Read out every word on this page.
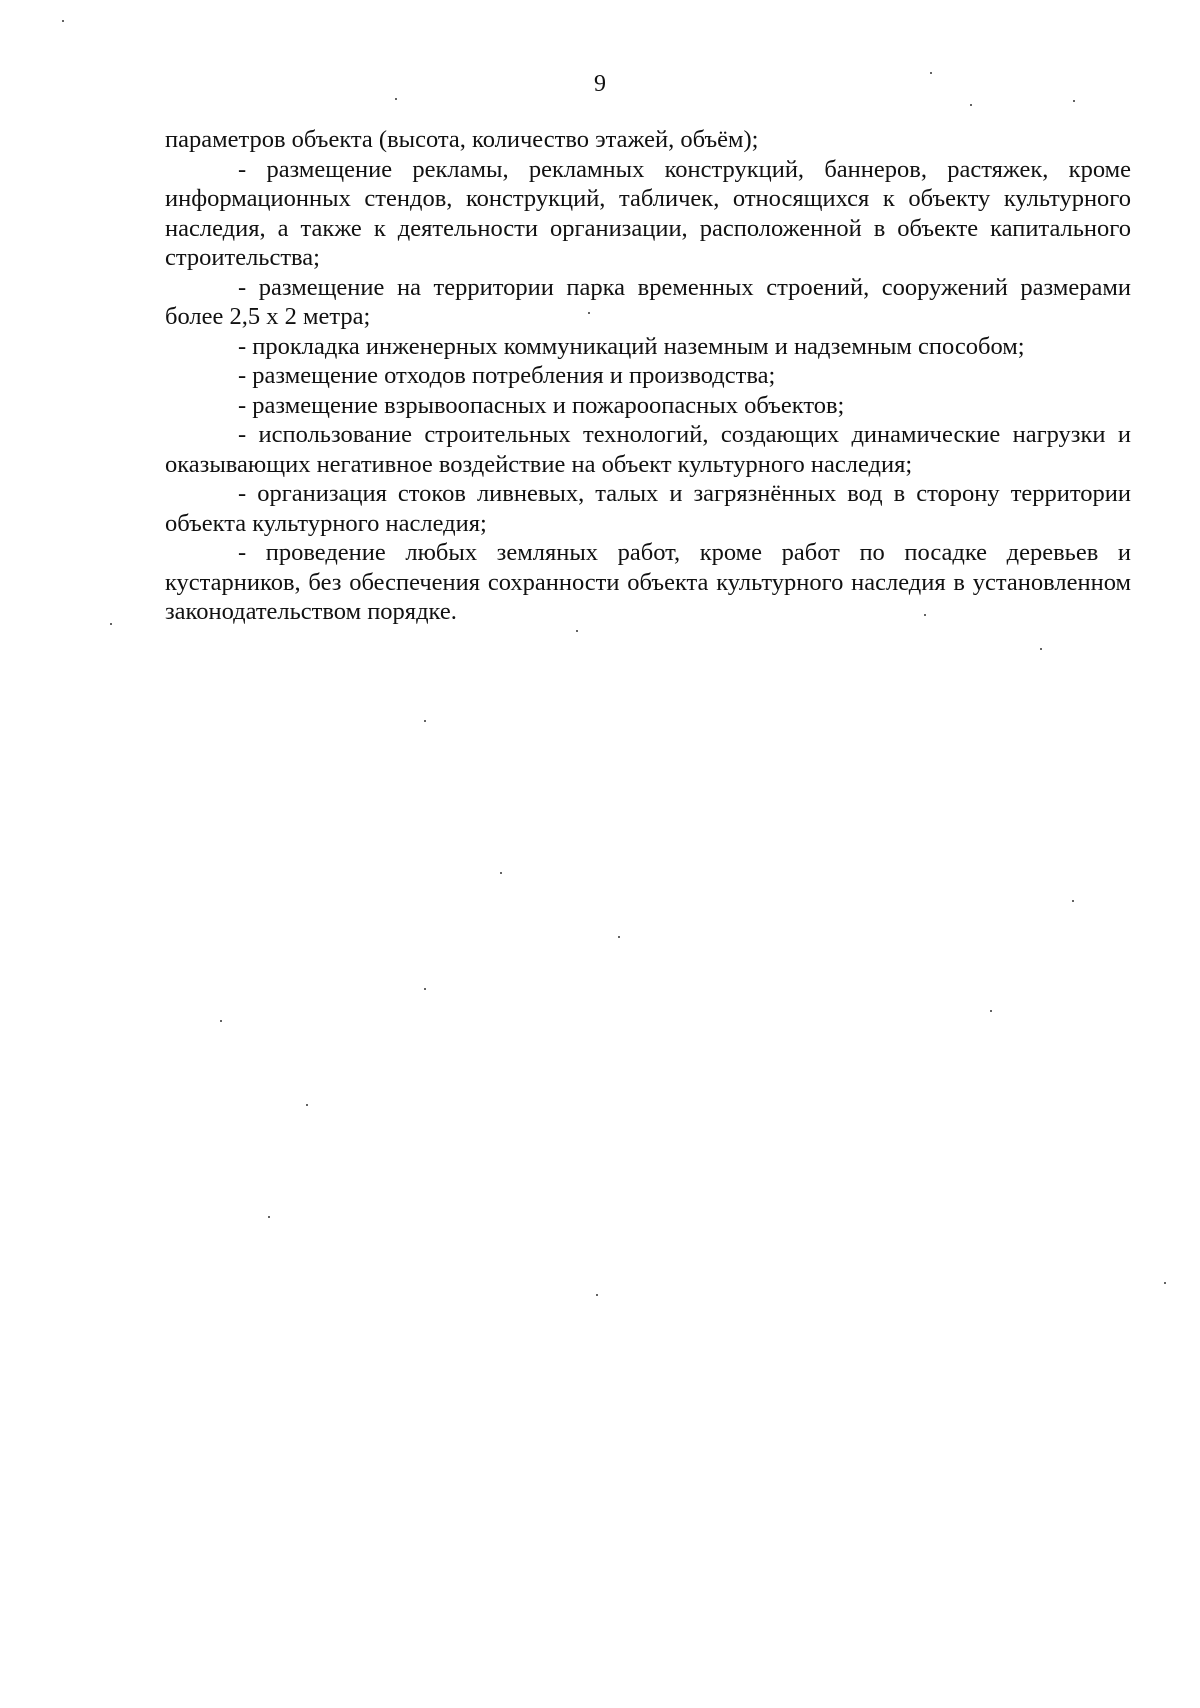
9

параметров объекта (высота, количество этажей, объём);

- размещение рекламы, рекламных конструкций, баннеров, растяжек, кроме информационных стендов, конструкций, табличек, относящихся к объекту культурного наследия, а также к деятельности организации, расположенной в объекте капитального строительства;

- размещение на территории парка временных строений, сооружений размерами более 2,5 х 2 метра;

- прокладка инженерных коммуникаций наземным и надземным способом;

- размещение отходов потребления и производства;

- размещение взрывоопасных и пожароопасных объектов;

- использование строительных технологий, создающих динамические нагрузки и оказывающих негативное воздействие на объект культурного наследия;

- организация стоков ливневых, талых и загрязнённых вод в сторону территории объекта культурного наследия;

- проведение любых земляных работ, кроме работ по посадке деревьев и кустарников, без обеспечения сохранности объекта культурного наследия в установленном законодательством порядке.
